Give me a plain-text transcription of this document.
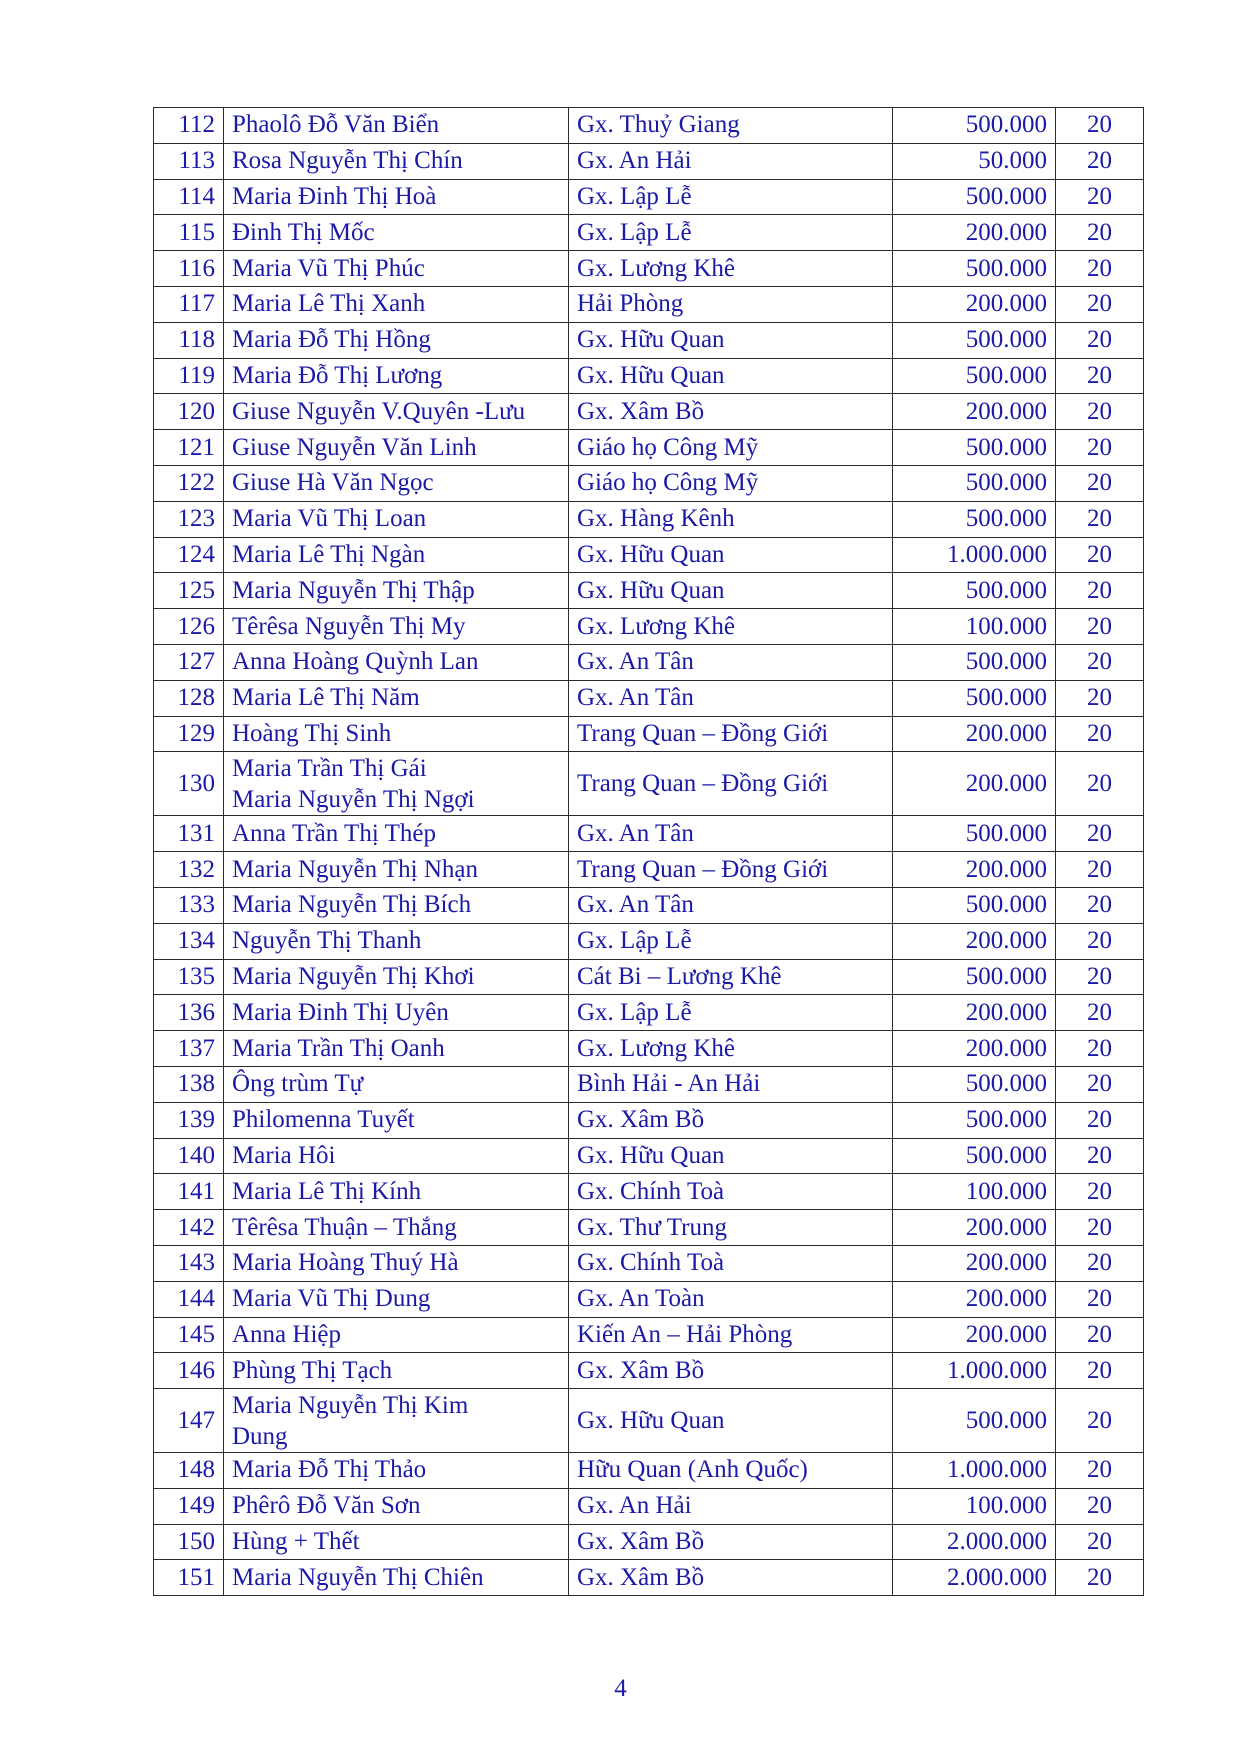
112	Phaolô Đỗ Văn Biển	Gx. Thuỷ Giang	500.000	20
113	Rosa Nguyễn Thị Chín	Gx. An Hải	50.000	20
114	Maria Đinh Thị Hoà	Gx. Lập Lễ	500.000	20
115	Đinh Thị Mốc	Gx. Lập Lễ	200.000	20
116	Maria Vũ Thị Phúc	Gx. Lương Khê	500.000	20
117	Maria Lê Thị Xanh	Hải Phòng	200.000	20
118	Maria Đỗ Thị Hồng	Gx. Hữu Quan	500.000	20
119	Maria Đỗ Thị Lương	Gx. Hữu Quan	500.000	20
120	Giuse Nguyễn V.Quyên -Lưu	Gx. Xâm Bồ	200.000	20
121	Giuse Nguyễn Văn Linh	Giáo họ Công Mỹ	500.000	20
122	Giuse Hà Văn Ngọc	Giáo họ Công Mỹ	500.000	20
123	Maria Vũ Thị Loan	Gx. Hàng Kênh	500.000	20
124	Maria Lê Thị Ngàn	Gx. Hữu Quan	1.000.000	20
125	Maria Nguyễn Thị Thập	Gx. Hữu Quan	500.000	20
126	Têrêsa Nguyễn Thị My	Gx. Lương Khê	100.000	20
127	Anna Hoàng Quỳnh Lan	Gx. An Tân	500.000	20
128	Maria Lê Thị Năm	Gx. An Tân	500.000	20
129	Hoàng Thị Sinh	Trang Quan – Đồng Giới	200.000	20
130	Maria Trần Thị Gái
Maria Nguyễn Thị Ngợi	Trang Quan – Đồng Giới	200.000	20
131	Anna Trần Thị Thép	Gx. An Tân	500.000	20
132	Maria Nguyễn Thị Nhạn	Trang Quan – Đồng Giới	200.000	20
133	Maria Nguyễn Thị Bích	Gx. An Tân	500.000	20
134	Nguyễn Thị Thanh	Gx. Lập Lễ	200.000	20
135	Maria Nguyễn Thị Khơi	Cát Bi – Lương Khê	500.000	20
136	Maria Đinh Thị Uyên	Gx. Lập Lễ	200.000	20
137	Maria Trần Thị Oanh	Gx. Lương Khê	200.000	20
138	Ông trùm Tự	Bình Hải - An Hải	500.000	20
139	Philomenna Tuyết	Gx. Xâm Bồ	500.000	20
140	Maria Hôi	Gx. Hữu Quan	500.000	20
141	Maria Lê Thị Kính	Gx. Chính Toà	100.000	20
142	Têrêsa Thuận – Thắng	Gx. Thư Trung	200.000	20
143	Maria Hoàng Thuý Hà	Gx. Chính Toà	200.000	20
144	Maria Vũ Thị Dung	Gx. An Toàn	200.000	20
145	Anna Hiệp	Kiến An – Hải Phòng	200.000	20
146	Phùng Thị Tạch	Gx. Xâm Bồ	1.000.000	20
147	Maria Nguyễn Thị Kim
Dung	Gx. Hữu Quan	500.000	20
148	Maria Đỗ Thị Thảo	Hữu Quan (Anh Quốc)	1.000.000	20
149	Phêrô Đỗ Văn Sơn	Gx. An Hải	100.000	20
150	Hùng + Thết	Gx. Xâm Bồ	2.000.000	20
151	Maria Nguyễn Thị Chiên	Gx. Xâm Bồ	2.000.000	20
4
